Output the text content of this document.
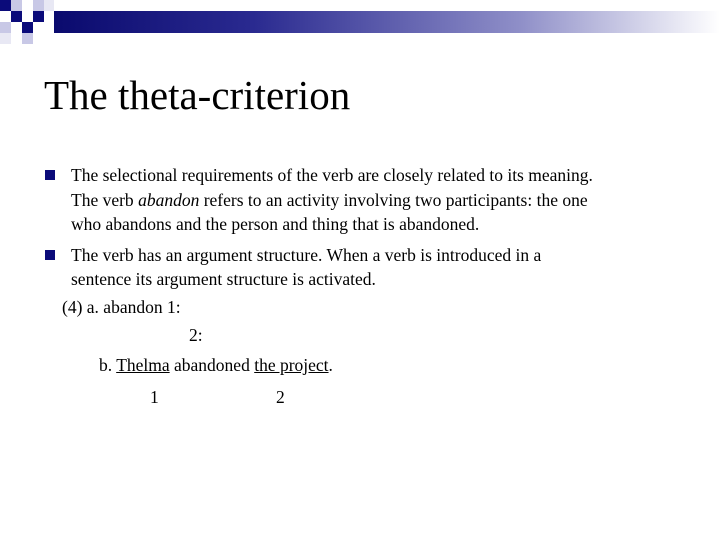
The theta-criterion
The selectional requirements of the verb are closely related to its meaning.
The verb abandon refers to an activity involving two participants: the one
who abandons and the person and thing that is abandoned.
The verb has an argument structure. When a verb is introduced in a
sentence its argument structure is activated.
(4) a. abandon 1:
2:
b. Thelma abandoned the project.
1	2
